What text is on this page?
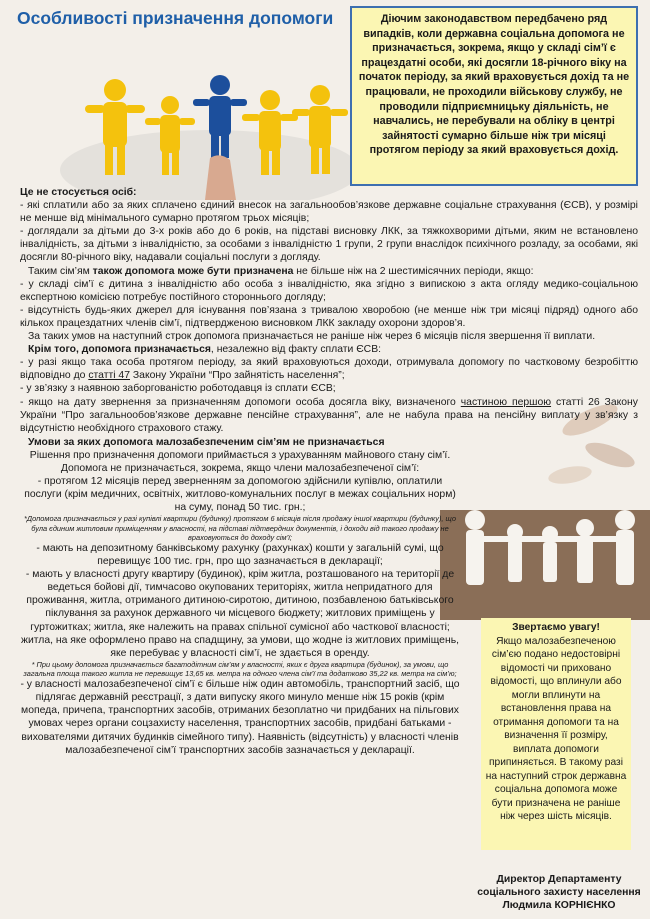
Особливості призначення допомоги	Діючим законодавством передбачено ряд випадків, коли державна соціальна допомога не призначається, зокрема, якщо у складі сім’ї є працездатні особи, які досягли 18-річного віку на початок періоду, за який враховується дохід та не працювали, не проходили військову службу, не проводили підприємницьку діяльність, не навчались, не перебували на обліку в центрі зайнятості сумарно більше ніж три місяці протягом періоду за який враховується дохід.

Це не стосується осіб:

- які сплатили або за яких сплачено єдиний внесок на загальнообов’язкове державне соціальне страхування (ЄСВ), у розмірі не менше від мінімального сумарно протягом трьох місяців;

- доглядали за дітьми до 3-х років або до 6 років, на підставі висновку ЛКК, за тяжкохворими дітьми, яким не встановлено інвалідність, за дітьми з інвалідністю, за особами з інвалідністю 1 групи, 2 групи внаслідок психічного розладу, за особами, які досягли 80-річного віку, надавали соціальні послуги з догляду.

Таким сім’ям також допомога може бути призначена не більше ніж на 2 шестимісячних періоди, якщо:

- у складі сім’ї є дитина з інвалідністю або особа з інвалідністю, яка згідно з випискою з акта огляду медико-соціальною експертною комісією потребує постійного стороннього догляду;

- відсутність будь-яких джерел для існування пов’язана з тривалою хворобою (не менше ніж три місяці підряд) одного або кількох працездатних членів сім’ї, підтвердженою висновком ЛКК закладу охорони здоров’я.

За таких умов на наступний строк допомога призначається не раніше ніж через 6 місяців після звершення її виплати.

Крім того, допомога призначається, незалежно від факту сплати ЄСВ:

- у разі якщо така особа протягом періоду, за який враховуються доходи, отримувала допомогу по частковому безробіттю відповідно до статті 47 Закону України “Про зайнятість населення”;

- у зв’язку з наявною заборгованістю роботодавця із сплати ЄСВ;

- якщо на дату звернення за призначенням допомоги особа досягла віку, визначеного частиною першою статті 26 Закону України “Про загальнообов’язкове державне пенсійне страхування”, але не набула права на пенсійну виплату у зв’язку з відсутністю необхідного страхового стажу.

Умови за яких допомога малозабезпеченим сім’ям не призначається

Рішення про призначення допомоги приймається з урахуванням майнового стану сім’ї. Допомога не призначається, зокрема, якщо члени малозабезпеченої сім’ї:

- протягом 12 місяців перед зверненням за допомогою здійснили купівлю, оплатили послуги (крім медичних, освітніх, житлово-комунальних послуг в межах соціальних норм) на суму, понад 50 тис. грн.;

*Допомога призначається у разі купівлі квартири (будинку) протягом 6 місяців після продажу іншої квартири (будинку), що була єдиним житловим приміщенням у власності, на підставі підтвердних документів, і доходи від такого продажу не враховуються до доходу сім’ї;

- мають на депозитному банківському рахунку (рахунках) кошти у загальній сумі, що перевищує 100 тис. грн, про що зазначається в декларації;

- мають у власності другу квартиру (будинок), крім житла, розташованого на території де ведеться бойові дії, тимчасово окупованих територіях, житла непридатного для проживання, житла, отриманого дитиною-сиротою, дитиною, позбавленою батьківського піклування за рахунок державного чи місцевого бюджету; житлових приміщень у гуртожитках; житла, яке належить на правах спільної сумісної або часткової власності; житла, на яке оформлено право на спадщину, за умови, що жодне із житлових приміщень, яке перебуває у власності сім’ї, не здається в оренду.

* При цьому допомога призначається багатодітним сім’ям у власності, яких є друга квартира (будинок), за умови, що загальна площа такого житла не перевищує 13,65 кв. метра на одного члена сім’ї та додатково 35,22 кв. метра на сім’ю;

- у власності малозабезпеченої сім’ї є більше ніж один автомобіль, транспортний засіб, що підлягає державній реєстрації, з дати випуску якого минуло менше ніж 15 років (крім мопеда, причепа, транспортних засобів, отриманих безоплатно чи придбаних на пільгових умовах через органи соцзахисту населення, транспортних засобів, придбані батьками - вихователями дитячих будинків сімейного типу). Наявність (відсутність) у власності членів малозабезпеченої сім’ї транспортних засобів зазначається у декларації.

Звертаємо увагу!
Якщо малозабезпеченою сім’єю подано недостовірні відомості чи приховано відомості, що вплинули або могли вплинути на встановлення права на отримання допомоги та на визначення її розміру, виплата допомоги припиняється. В такому разі на наступний строк державна соціальна допомога може бути призначена не раніше ніж через шість місяців.
Директор Департаменту
соціального захисту населення
Людмила КОРНІЄНКО
